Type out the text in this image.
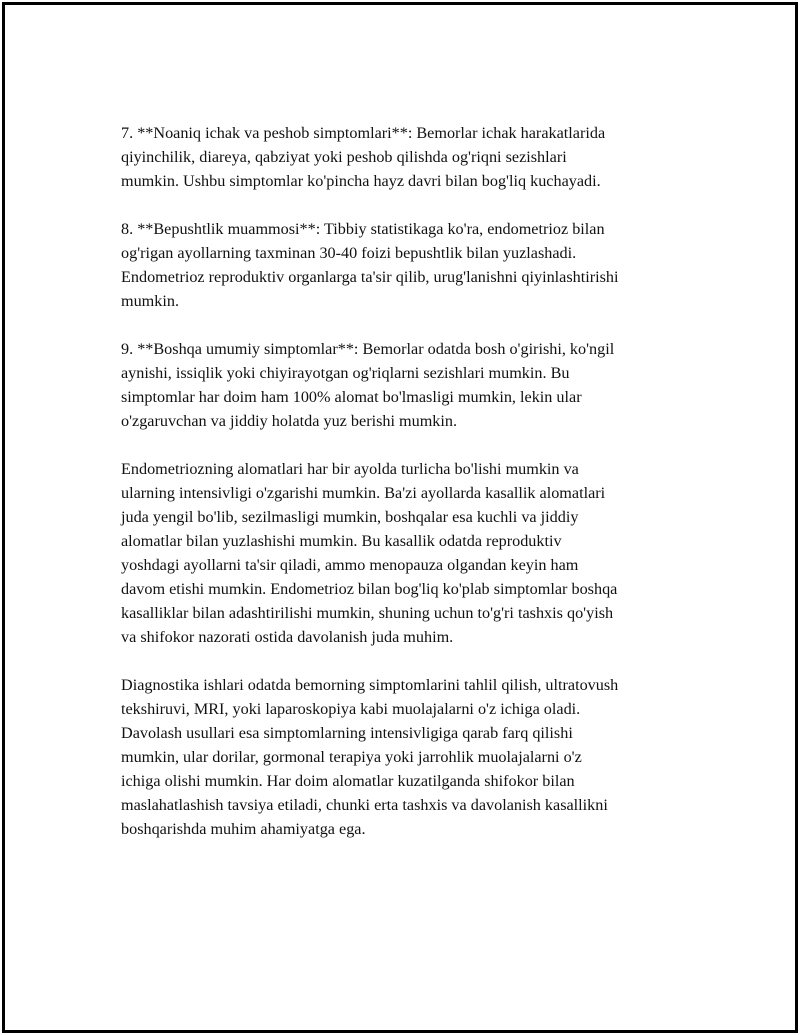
7. **Noaniq ichak va peshob simptomlari**: Bemorlar ichak harakatlarida
qiyinchilik, diareya, qabziyat yoki peshob qilishda og'riqni sezishlari
mumkin. Ushbu simptomlar ko'pincha hayz davri bilan bog'liq kuchayadi.

8. **Bepushtlik muammosi**: Tibbiy statistikaga ko'ra, endometrioz bilan
og'rigan ayollarning taxminan 30-40 foizi bepushtlik bilan yuzlashadi.
Endometrioz reproduktiv organlarga ta'sir qilib, urug'lanishni qiyinlashtirishi
mumkin.

9. **Boshqa umumiy simptomlar**: Bemorlar odatda bosh o'girishi, ko'ngil
aynishi, issiqlik yoki chiyirayotgan og'riqlarni sezishlari mumkin. Bu
simptomlar har doim ham 100% alomat bo'lmasligi mumkin, lekin ular
o'zgaruvchan va jiddiy holatda yuz berishi mumkin.

Endometriozning alomatlari har bir ayolda turlicha bo'lishi mumkin va
ularning intensivligi o'zgarishi mumkin. Ba'zi ayollarda kasallik alomatlari
juda yengil bo'lib, sezilmasligi mumkin, boshqalar esa kuchli va jiddiy
alomatlar bilan yuzlashishi mumkin. Bu kasallik odatda reproduktiv
yoshdagi ayollarni ta'sir qiladi, ammo menopauza olgandan keyin ham
davom etishi mumkin. Endometrioz bilan bog'liq ko'plab simptomlar boshqa
kasalliklar bilan adashtirilishi mumkin, shuning uchun to'g'ri tashxis qo'yish
va shifokor nazorati ostida davolanish juda muhim.

Diagnostika ishlari odatda bemorning simptomlarini tahlil qilish, ultratovush
tekshiruvi, MRI, yoki laparoskopiya kabi muolajalarni o'z ichiga oladi.
Davolash usullari esa simptomlarning intensivligiga qarab farq qilishi
mumkin, ular dorilar, gormonal terapiya yoki jarrohlik muolajalarni o'z
ichiga olishi mumkin. Har doim alomatlar kuzatilganda shifokor bilan
maslahatlashish tavsiya etiladi, chunki erta tashxis va davolanish kasallikni
boshqarishda muhim ahamiyatga ega.
